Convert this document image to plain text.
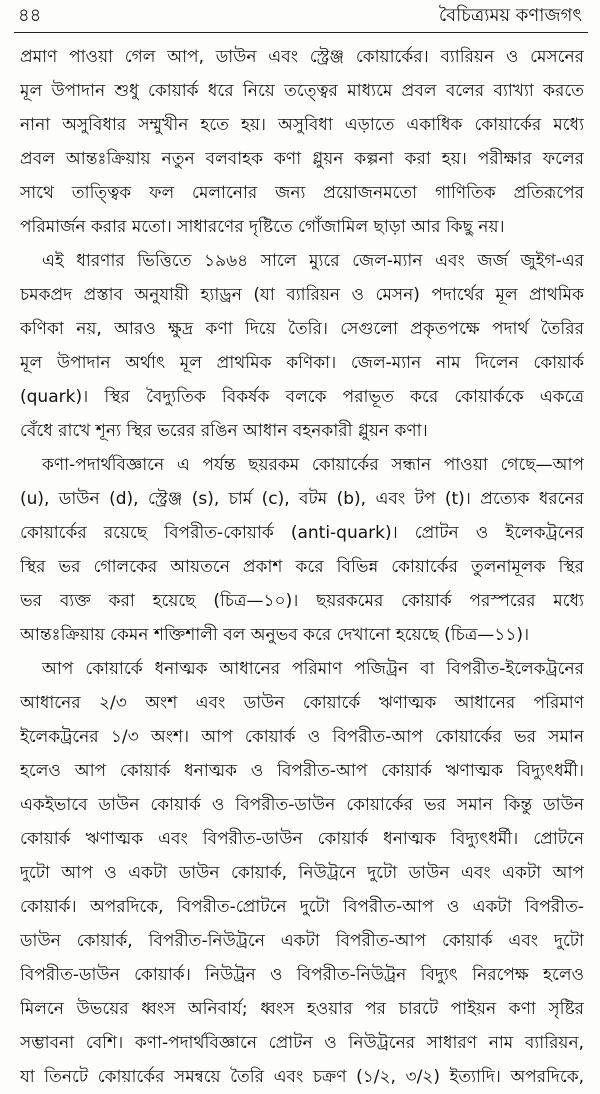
৪৪	বৈচিত্র্যময় কণাজগৎ
প্রমাণ পাওয়া গেল আপ, ডাউন এবং স্ট্রেঞ্জ কোয়ার্কের। ব্যারিয়ন ও মেসনের
মূল উপাদান শুধু কোয়ার্ক ধরে নিয়ে তত্ত্বের মাধ্যমে প্রবল বলের ব্যাখ্যা করতে
নানা অসুবিধার সম্মুখীন হতে হয়। অসুবিধা এড়াতে একাধিক কোয়ার্কের মধ্যে
প্রবল আন্তঃক্রিয়ায় নতুন বলবাহক কণা গ্লুয়ন কল্পনা করা হয়। পরীক্ষার ফলের
সাথে তাত্ত্বিক ফল মেলানোর জন্য প্রয়োজনমতো গাণিতিক প্রতিরূপের
পরিমার্জন করার মতো। সাধারণের দৃষ্টিতে গোঁজামিল ছাড়া আর কিছু নয়।
এই ধারণার ভিত্তিতে ১৯৬৪ সালে ম্যুরে জেল-ম্যান এবং জর্জ জুইগ-এর
চমকপ্রদ প্রস্তাব অনুযায়ী হ্যাড্রন (যা ব্যারিয়ন ও মেসন) পদার্থের মূল প্রাথমিক
কণিকা নয়, আরও ক্ষুদ্র কণা দিয়ে তৈরি। সেগুলো প্রকৃতপক্ষে পদার্থ তৈরির
মূল উপাদান অর্থাৎ মূল প্রাথমিক কণিকা। জেল-ম্যান নাম দিলেন কোয়ার্ক
(quark)। স্থির বৈদ্যুতিক বিকর্ষক বলকে পরাভূত করে কোয়ার্ককে একত্রে
বেঁধে রাখে শূন্য স্থির ভরের রঙিন আধান বহনকারী গ্লুয়ন কণা।
কণা-পদার্থবিজ্ঞানে এ পর্যন্ত ছয়রকম কোয়ার্কের সন্ধান পাওয়া গেছে—আপ
(u), ডাউন (d), স্ট্রেঞ্জ (s), চার্ম (c), বটম (b), এবং টপ (t)। প্রত্যেক ধরনের
কোয়ার্কের রয়েছে বিপরীত-কোয়ার্ক (anti-quark)। প্রোটন ও ইলেকট্রনের
স্থির ভর গোলকের আয়তনে প্রকাশ করে বিভিন্ন কোয়ার্কের তুলনামূলক স্থির
ভর ব্যক্ত করা হয়েছে (চিত্র—১০)। ছয়রকমের কোয়ার্ক পরস্পরের মধ্যে
আন্তঃক্রিয়ায় কেমন শক্তিশালী বল অনুভব করে দেখানো হয়েছে (চিত্র—১১)।
আপ কোয়ার্কে ধনাত্মক আধানের পরিমাণ পজিট্রন বা বিপরীত-ইলেকট্রনের
আধানের ২/৩ অংশ এবং ডাউন কোয়ার্কে ঋণাত্মক আধানের পরিমাণ
ইলেকট্রনের ১/৩ অংশ। আপ কোয়ার্ক ও বিপরীত-আপ কোয়ার্কের ভর সমান
হলেও আপ কোয়ার্ক ধনাত্মক ও বিপরীত-আপ কোয়ার্ক ঋণাত্মক বিদ্যুৎধর্মী।
একইভাবে ডাউন কোয়ার্ক ও বিপরীত-ডাউন কোয়ার্কের ভর সমান কিন্তু ডাউন
কোয়ার্ক ঋণাত্মক এবং বিপরীত-ডাউন কোয়ার্ক ধনাত্মক বিদ্যুৎধর্মী। প্রোটনে
দুটো আপ ও একটা ডাউন কোয়ার্ক, নিউট্রনে দুটো ডাউন এবং একটা আপ
কোয়ার্ক। অপরদিকে, বিপরীত-প্রোটনে দুটো বিপরীত-আপ ও একটা বিপরীত-
ডাউন কোয়ার্ক, বিপরীত-নিউট্রনে একটা বিপরীত-আপ কোয়ার্ক এবং দুটো
বিপরীত-ডাউন কোয়ার্ক। নিউট্রন ও বিপরীত-নিউট্রন বিদ্যুৎ নিরপেক্ষ হলেও
মিলনে উভয়ের ধ্বংস অনিবার্য; ধ্বংস হওয়ার পর চারটে পাইয়ন কণা সৃষ্টির
সম্ভাবনা বেশি। কণা-পদার্থবিজ্ঞানে প্রোটন ও নিউট্রনের সাধারণ নাম ব্যারিয়ন,
যা তিনটে কোয়ার্কের সমন্বয়ে তৈরি এবং চক্রণ (১/২, ৩/২) ইত্যাদি। অপরদিকে,
